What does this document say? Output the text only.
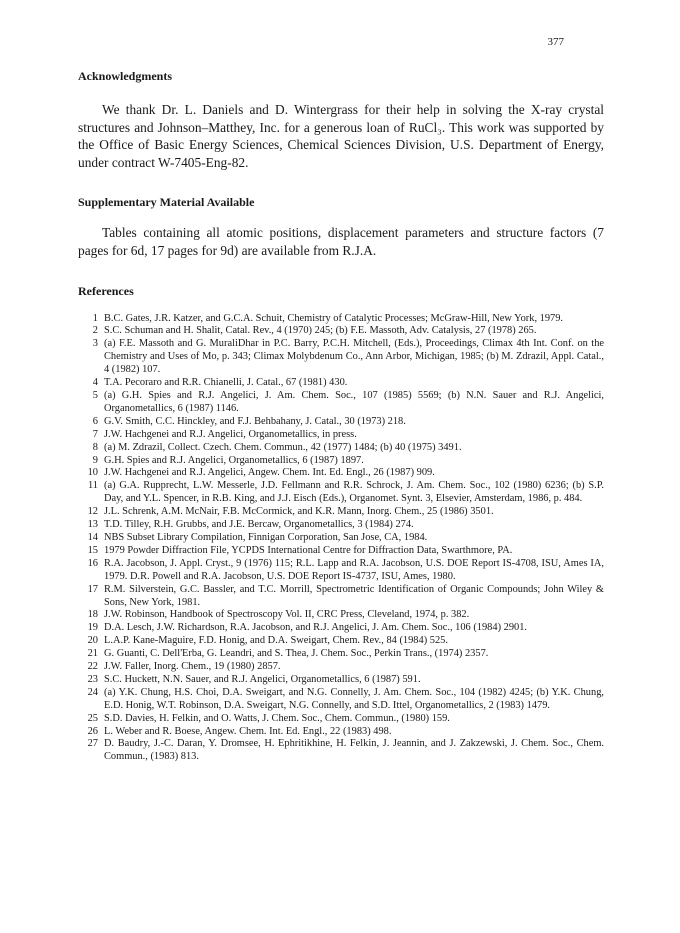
377
Acknowledgments

We thank Dr. L. Daniels and D. Wintergrass for their help in solving the X-ray crystal structures and Johnson–Matthey, Inc. for a generous loan of RuCl₃. This work was supported by the Office of Basic Energy Sciences, Chemical Sciences Division, U.S. Department of Energy, under contract W-7405-Eng-82.

Supplementary Material Available

Tables containing all atomic positions, displacement parameters and structure factors (7 pages for 6d, 17 pages for 9d) are available from R.J.A.

References
1 B.C. Gates, J.R. Katzer, and G.C.A. Schuit, Chemistry of Catalytic Processes; McGraw-Hill, New York, 1979.
2 S.C. Schuman and H. Shalit, Catal. Rev., 4 (1970) 245; (b) F.E. Massoth, Adv. Catalysis, 27 (1978) 265.
3 (a) F.E. Massoth and G. MuraliDhar in P.C. Barry, P.C.H. Mitchell, (Eds.), Proceedings, Climax 4th Int. Conf. on the Chemistry and Uses of Mo, p. 343; Climax Molybdenum Co., Ann Arbor, Michigan, 1985; (b) M. Zdrazil, Appl. Catal., 4 (1982) 107.
4 T.A. Pecoraro and R.R. Chianelli, J. Catal., 67 (1981) 430.
5 (a) G.H. Spies and R.J. Angelici, J. Am. Chem. Soc., 107 (1985) 5569; (b) N.N. Sauer and R.J. Angelici, Organometallics, 6 (1987) 1146.
6 G.V. Smith, C.C. Hinckley, and F.J. Behbahany, J. Catal., 30 (1973) 218.
7 J.W. Hachgenei and R.J. Angelici, Organometallics, in press.
8 (a) M. Zdrazil, Collect. Czech. Chem. Commun., 42 (1977) 1484; (b) 40 (1975) 3491.
9 G.H. Spies and R.J. Angelici, Organometallics, 6 (1987) 1897.
10 J.W. Hachgenei and R.J. Angelici, Angew. Chem. Int. Ed. Engl., 26 (1987) 909.
11 (a) G.A. Rupprecht, L.W. Messerle, J.D. Fellmann and R.R. Schrock, J. Am. Chem. Soc., 102 (1980) 6236; (b) S.P. Day, and Y.L. Spencer, in R.B. King, and J.J. Eisch (Eds.), Organomet. Synt. 3, Elsevier, Amsterdam, 1986, p. 484.
12 J.L. Schrenk, A.M. McNair, F.B. McCormick, and K.R. Mann, Inorg. Chem., 25 (1986) 3501.
13 T.D. Tilley, R.H. Grubbs, and J.E. Bercaw, Organometallics, 3 (1984) 274.
14 NBS Subset Library Compilation, Finnigan Corporation, San Jose, CA, 1984.
15 1979 Powder Diffraction File, YCPDS International Centre for Diffraction Data, Swarthmore, PA.
16 R.A. Jacobson, J. Appl. Cryst., 9 (1976) 115; R.L. Lapp and R.A. Jacobson, U.S. DOE Report IS-4708, ISU, Ames IA, 1979. D.R. Powell and R.A. Jacobson, U.S. DOE Report IS-4737, ISU, Ames, 1980.
17 R.M. Silverstein, G.C. Bassler, and T.C. Morrill, Spectrometric Identification of Organic Compounds; John Wiley & Sons, New York, 1981.
18 J.W. Robinson, Handbook of Spectroscopy Vol. II, CRC Press, Cleveland, 1974, p. 382.
19 D.A. Lesch, J.W. Richardson, R.A. Jacobson, and R.J. Angelici, J. Am. Chem. Soc., 106 (1984) 2901.
20 L.A.P. Kane-Maguire, F.D. Honig, and D.A. Sweigart, Chem. Rev., 84 (1984) 525.
21 G. Guanti, C. Dell'Erba, G. Leandri, and S. Thea, J. Chem. Soc., Perkin Trans., (1974) 2357.
22 J.W. Faller, Inorg. Chem., 19 (1980) 2857.
23 S.C. Huckett, N.N. Sauer, and R.J. Angelici, Organometallics, 6 (1987) 591.
24 (a) Y.K. Chung, H.S. Choi, D.A. Sweigart, and N.G. Connelly, J. Am. Chem. Soc., 104 (1982) 4245; (b) Y.K. Chung, E.D. Honig, W.T. Robinson, D.A. Sweigart, N.G. Connelly, and S.D. Ittel, Organometallics, 2 (1983) 1479.
25 S.D. Davies, H. Felkin, and O. Watts, J. Chem. Soc., Chem. Commun., (1980) 159.
26 L. Weber and R. Boese, Angew. Chem. Int. Ed. Engl., 22 (1983) 498.
27 D. Baudry, J.-C. Daran, Y. Dromsee, H. Ephritikhine, H. Felkin, J. Jeannin, and J. Zakzewski, J. Chem. Soc., Chem. Commun., (1983) 813.
